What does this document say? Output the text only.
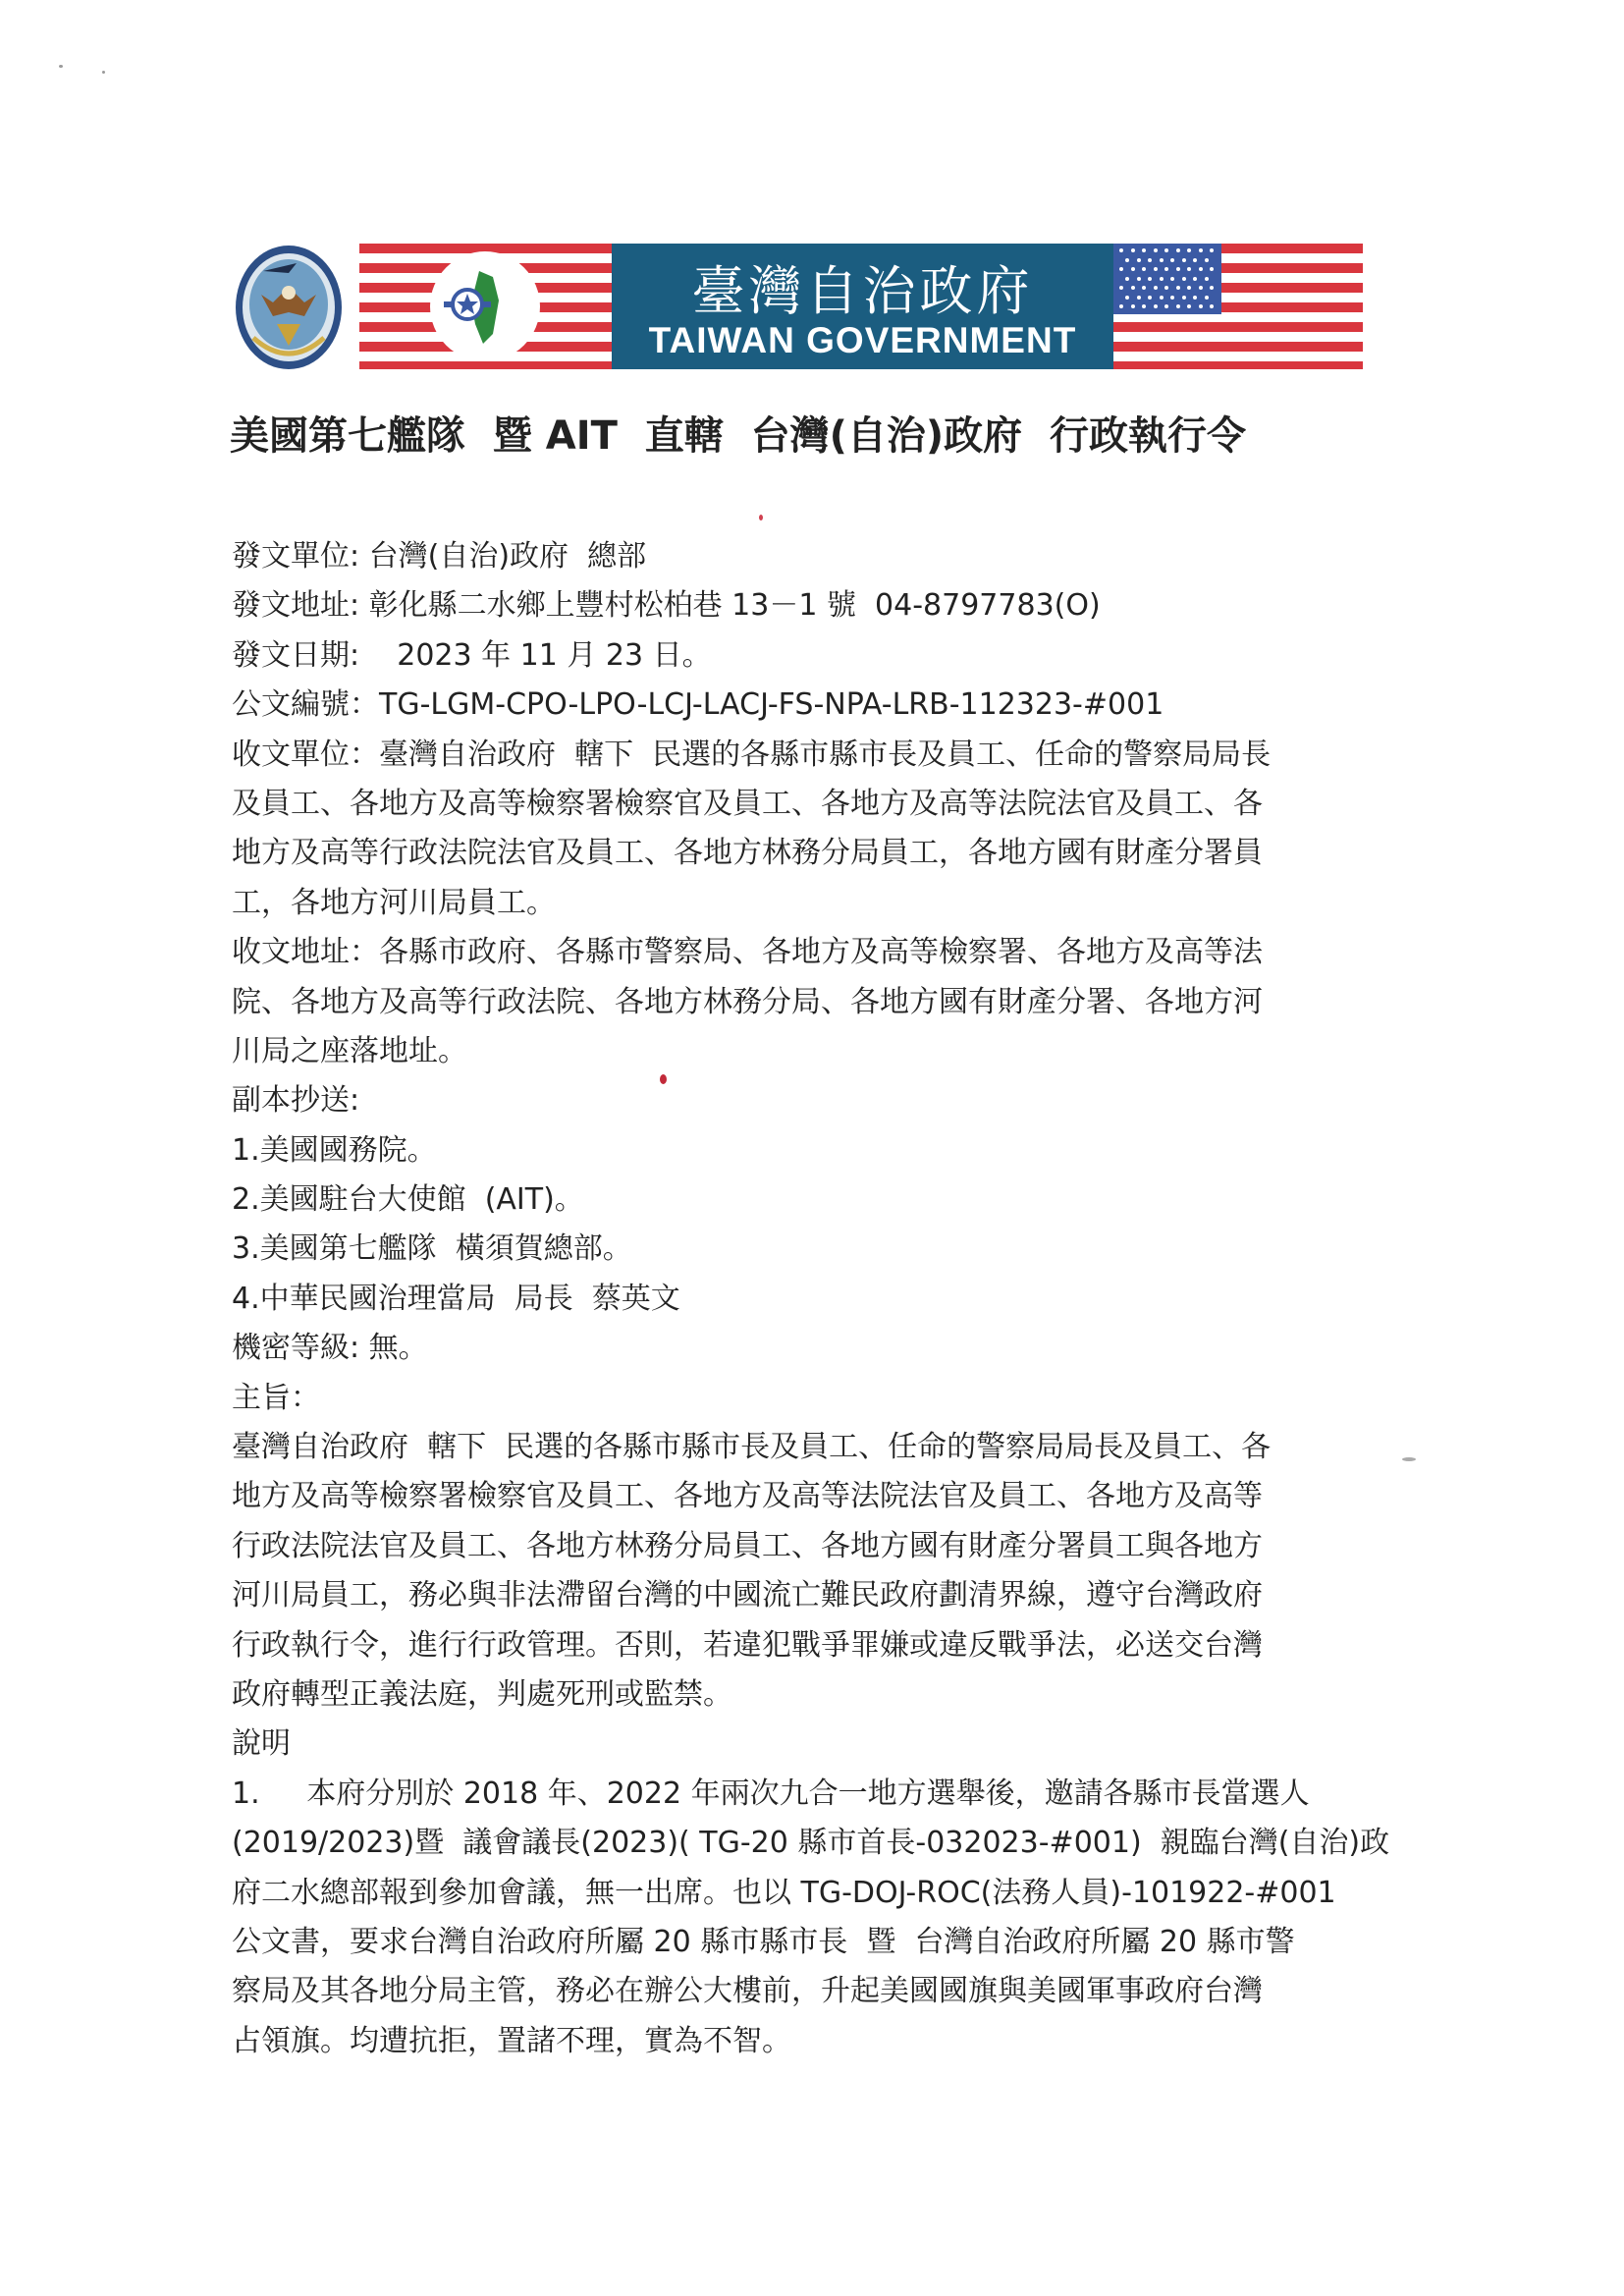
臺灣自治政府
TAIWAN GOVERNMENT
美國第七艦隊  暨 AIT  直轄  台灣(自治)政府  行政執行令
發文單位: 台灣(自治)政府  總部
發文地址: 彰化縣二水鄉上豐村松柏巷 13－1 號  04-8797783(O)
發文日期:    2023 年 11 月 23 日。
公文編號：TG-LGM-CPO-LPO-LCJ-LACJ-FS-NPA-LRB-112323-#001
收文單位：臺灣自治政府  轄下  民選的各縣市縣市長及員工、任命的警察局局長
及員工、各地方及高等檢察署檢察官及員工、各地方及高等法院法官及員工、各
地方及高等行政法院法官及員工、各地方林務分局員工，各地方國有財產分署員
工，各地方河川局員工。
收文地址：各縣市政府、各縣市警察局、各地方及高等檢察署、各地方及高等法
院、各地方及高等行政法院、各地方林務分局、各地方國有財產分署、各地方河
川局之座落地址。
副本抄送:
1.美國國務院。
2.美國駐台大使館  (AIT)。
3.美國第七艦隊  橫須賀總部。
4.中華民國治理當局  局長  蔡英文
機密等級: 無。
主旨：
臺灣自治政府  轄下  民選的各縣市縣市長及員工、任命的警察局局長及員工、各
地方及高等檢察署檢察官及員工、各地方及高等法院法官及員工、各地方及高等
行政法院法官及員工、各地方林務分局員工、各地方國有財產分署員工與各地方
河川局員工，務必與非法滯留台灣的中國流亡難民政府劃清界線，遵守台灣政府
行政執行令，進行行政管理。否則，若違犯戰爭罪嫌或違反戰爭法，必送交台灣
政府轉型正義法庭，判處死刑或監禁。
說明
1.     本府分別於 2018 年、2022 年兩次九合一地方選舉後，邀請各縣市長當選人
(2019/2023)暨  議會議長(2023)( TG-20 縣市首長-032023-#001)  親臨台灣(自治)政
府二水總部報到參加會議，無一出席。也以 TG-DOJ-ROC(法務人員)-101922-#001
公文書，要求台灣自治政府所屬 20 縣市縣市長  暨  台灣自治政府所屬 20 縣市警
察局及其各地分局主管，務必在辦公大樓前，升起美國國旗與美國軍事政府台灣
占領旗。均遭抗拒，置諸不理，實為不智。
